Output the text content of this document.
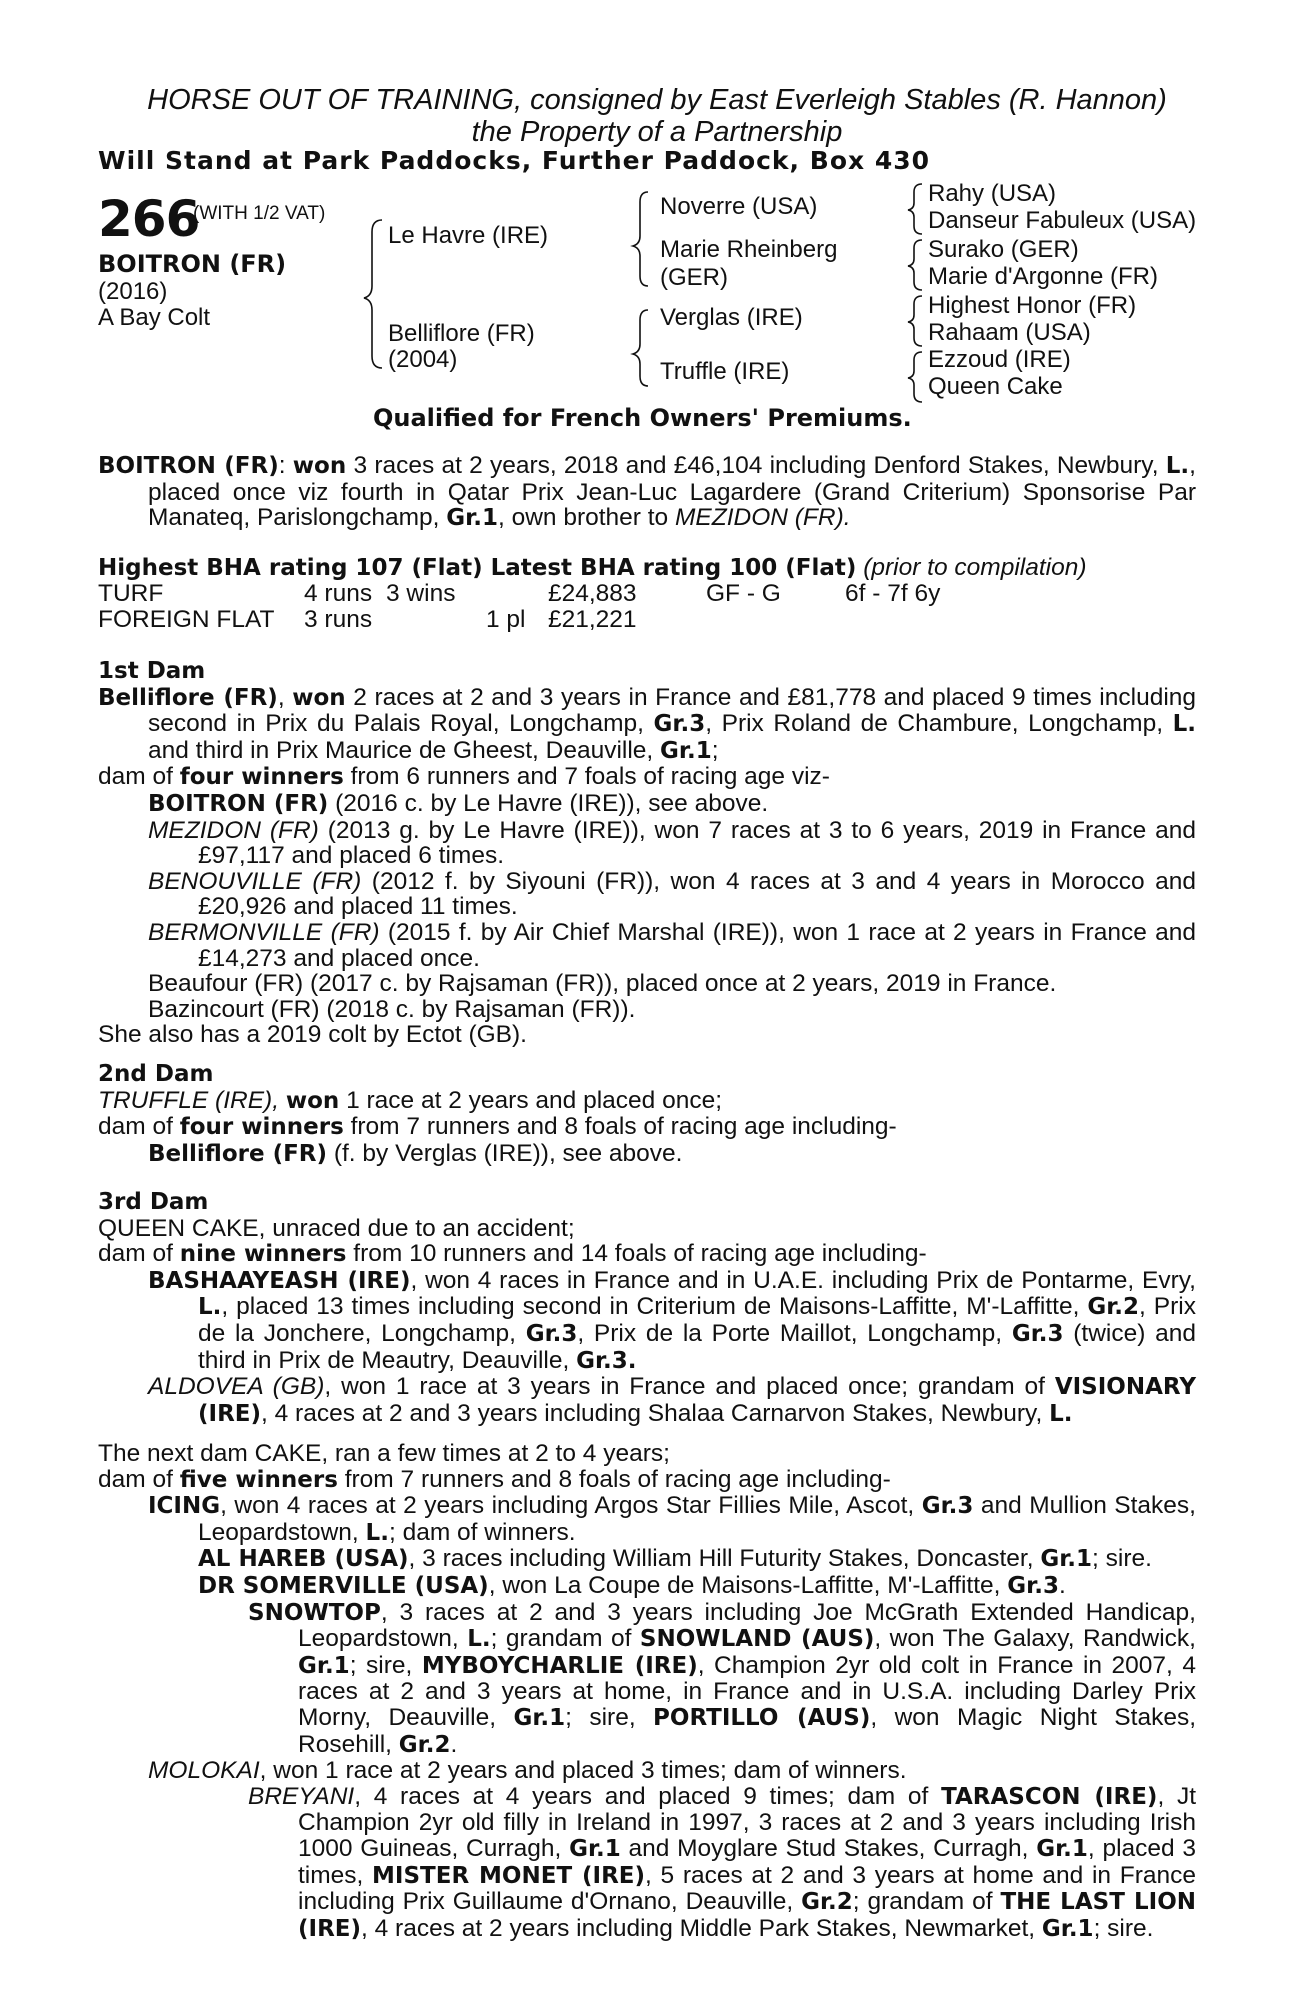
HORSE OUT OF TRAINING, consigned by East Everleigh Stables (R. Hannon)
the Property of a Partnership
Will Stand at Park Paddocks, Further Paddock, Box 430
266
(WITH 1/2 VAT)
BOITRON (FR)
(2016)
A Bay Colt
Le Havre (IRE)
Belliflore (FR)
(2004)
Noverre (USA)
Marie Rheinberg
(GER)
Verglas (IRE)
Truffle (IRE)
Rahy (USA)
Danseur Fabuleux (USA)
Surako (GER)
Marie d'Argonne (FR)
Highest Honor (FR)
Rahaam (USA)
Ezzoud (IRE)
Queen Cake
Qualified for French Owners' Premiums.

BOITRON (FR): won 3 races at 2 years, 2018 and £46,104 including Denford Stakes, Newbury, L., placed once viz fourth in Qatar Prix Jean-Luc Lagardere (Grand Criterium) Sponsorise Par Manateq, Parislongchamp, Gr.1, own brother to MEZIDON (FR).

Highest BHA rating 107 (Flat) Latest BHA rating 100 (Flat) (prior to compilation)
TURF	4 runs 3 wins	£24,883	GF - G	6f - 7f 6y
FOREIGN FLAT 3 runs	1 pl £21,221

1st Dam

Belliflore (FR), won 2 races at 2 and 3 years in France and £81,778 and placed 9 times including second in Prix du Palais Royal, Longchamp, Gr.3, Prix Roland de Chambure, Longchamp, L. and third in Prix Maurice de Gheest, Deauville, Gr.1;

dam of four winners from 6 runners and 7 foals of racing age viz-

BOITRON (FR) (2016 c. by Le Havre (IRE)), see above.

MEZIDON (FR) (2013 g. by Le Havre (IRE)), won 7 races at 3 to 6 years, 2019 in France and £97,117 and placed 6 times.

BENOUVILLE (FR) (2012 f. by Siyouni (FR)), won 4 races at 3 and 4 years in Morocco and £20,926 and placed 11 times.

BERMONVILLE (FR) (2015 f. by Air Chief Marshal (IRE)), won 1 race at 2 years in France and £14,273 and placed once.

Beaufour (FR) (2017 c. by Rajsaman (FR)), placed once at 2 years, 2019 in France.

Bazincourt (FR) (2018 c. by Rajsaman (FR)).

She also has a 2019 colt by Ectot (GB).

2nd Dam

TRUFFLE (IRE), won 1 race at 2 years and placed once;

dam of four winners from 7 runners and 8 foals of racing age including-

Belliflore (FR) (f. by Verglas (IRE)), see above.

3rd Dam

QUEEN CAKE, unraced due to an accident;

dam of nine winners from 10 runners and 14 foals of racing age including-

BASHAAYEASH (IRE), won 4 races in France and in U.A.E. including Prix de Pontarme, Evry, L., placed 13 times including second in Criterium de Maisons-Laffitte, M'-Laffitte, Gr.2, Prix de la Jonchere, Longchamp, Gr.3, Prix de la Porte Maillot, Longchamp, Gr.3 (twice) and third in Prix de Meautry, Deauville, Gr.3.

ALDOVEA (GB), won 1 race at 3 years in France and placed once; grandam of VISIONARY (IRE), 4 races at 2 and 3 years including Shalaa Carnarvon Stakes, Newbury, L.

The next dam CAKE, ran a few times at 2 to 4 years;

dam of five winners from 7 runners and 8 foals of racing age including-

ICING, won 4 races at 2 years including Argos Star Fillies Mile, Ascot, Gr.3 and Mullion Stakes, Leopardstown, L.; dam of winners.

AL HAREB (USA), 3 races including William Hill Futurity Stakes, Doncaster, Gr.1; sire.

DR SOMERVILLE (USA), won La Coupe de Maisons-Laffitte, M'-Laffitte, Gr.3.

SNOWTOP, 3 races at 2 and 3 years including Joe McGrath Extended Handicap, Leopardstown, L.; grandam of SNOWLAND (AUS), won The Galaxy, Randwick, Gr.1; sire, MYBOYCHARLIE (IRE), Champion 2yr old colt in France in 2007, 4 races at 2 and 3 years at home, in France and in U.S.A. including Darley Prix Morny, Deauville, Gr.1; sire, PORTILLO (AUS), won Magic Night Stakes, Rosehill, Gr.2.

MOLOKAI, won 1 race at 2 years and placed 3 times; dam of winners.

BREYANI, 4 races at 4 years and placed 9 times; dam of TARASCON (IRE), Jt Champion 2yr old filly in Ireland in 1997, 3 races at 2 and 3 years including Irish 1000 Guineas, Curragh, Gr.1 and Moyglare Stud Stakes, Curragh, Gr.1, placed 3 times, MISTER MONET (IRE), 5 races at 2 and 3 years at home and in France including Prix Guillaume d'Ornano, Deauville, Gr.2; grandam of THE LAST LION (IRE), 4 races at 2 years including Middle Park Stakes, Newmarket, Gr.1; sire.
